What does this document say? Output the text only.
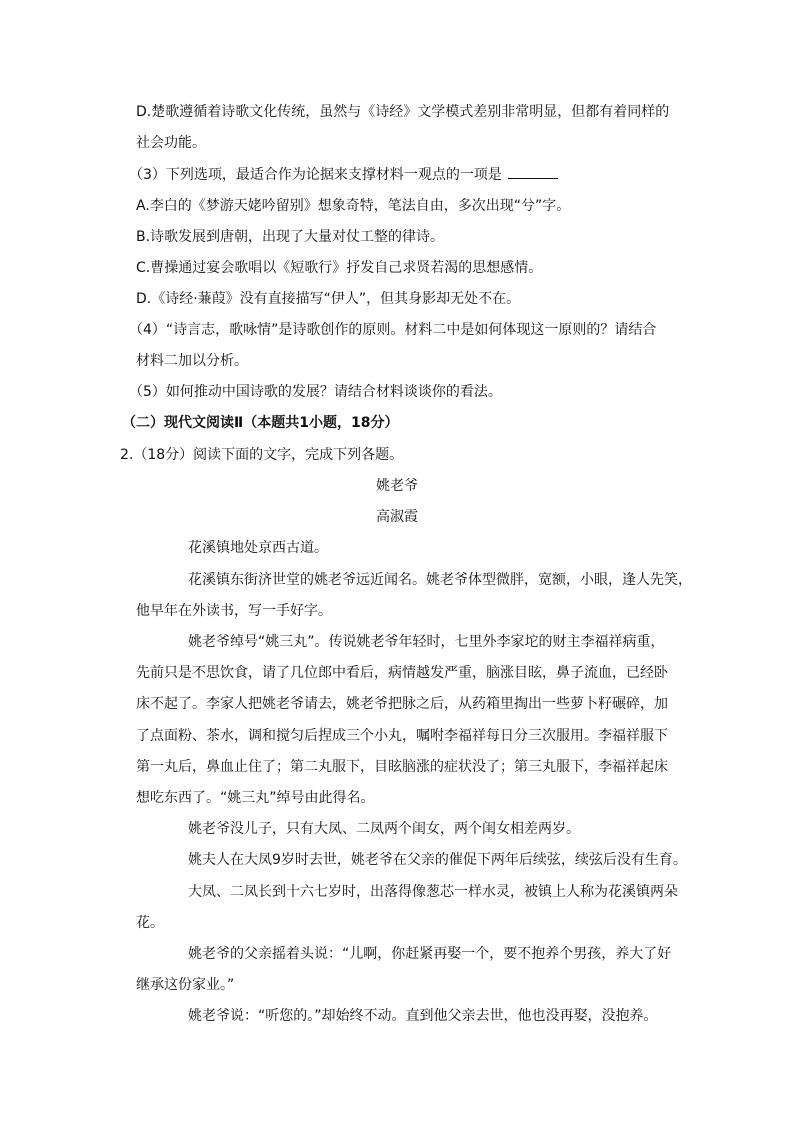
D.楚歌遵循着诗歌文化传统，虽然与《诗经》文学模式差别非常明显，但都有着同样的
社会功能。
（3）下列选项，最适合作为论据来支撑材料一观点的一项是
A.李白的《梦游天姥吟留别》想象奇特，笔法自由，多次出现“兮”字。
B.诗歌发展到唐朝，出现了大量对仗工整的律诗。
C.曹操通过宴会歌唱以《短歌行》抒发自己求贤若渴的思想感情。
D.《诗经·蒹葭》没有直接描写“伊人”，但其身影却无处不在。
（4）“诗言志，歌咏情”是诗歌创作的原则。材料二中是如何体现这一原则的？请结合
材料二加以分析。
（5）如何推动中国诗歌的发展？请结合材料谈谈你的看法。
（二）现代文阅读Ⅱ（本题共1小题，18分）
2.（18分）阅读下面的文字，完成下列各题。
姚老爷
高淑霞
花溪镇地处京西古道。
花溪镇东街济世堂的姚老爷远近闻名。姚老爷体型微胖，宽额，小眼，逢人先笑，
他早年在外读书，写一手好字。
姚老爷绰号“姚三丸”。传说姚老爷年轻时，七里外李家坨的财主李福祥病重，
先前只是不思饮食，请了几位郎中看后，病情越发严重，脑涨目眩，鼻子流血，已经卧
床不起了。李家人把姚老爷请去，姚老爷把脉之后，从药箱里掏出一些萝卜籽碾碎，加
了点面粉、茶水，调和搅匀后捏成三个小丸，嘱咐李福祥每日分三次服用。李福祥服下
第一丸后，鼻血止住了；第二丸服下，目眩脑涨的症状没了；第三丸服下，李福祥起床
想吃东西了。“姚三丸”绰号由此得名。
姚老爷没儿子，只有大凤、二凤两个闺女，两个闺女相差两岁。
姚夫人在大凤9岁时去世，姚老爷在父亲的催促下两年后续弦，续弦后没有生育。
大凤、二凤长到十六七岁时，出落得像葱芯一样水灵，被镇上人称为花溪镇两朵
花。
姚老爷的父亲摇着头说：“儿啊，你赶紧再娶一个，要不抱养个男孩，养大了好
继承这份家业。”
姚老爷说：“听您的。”却始终不动。直到他父亲去世，他也没再娶，没抱养。
